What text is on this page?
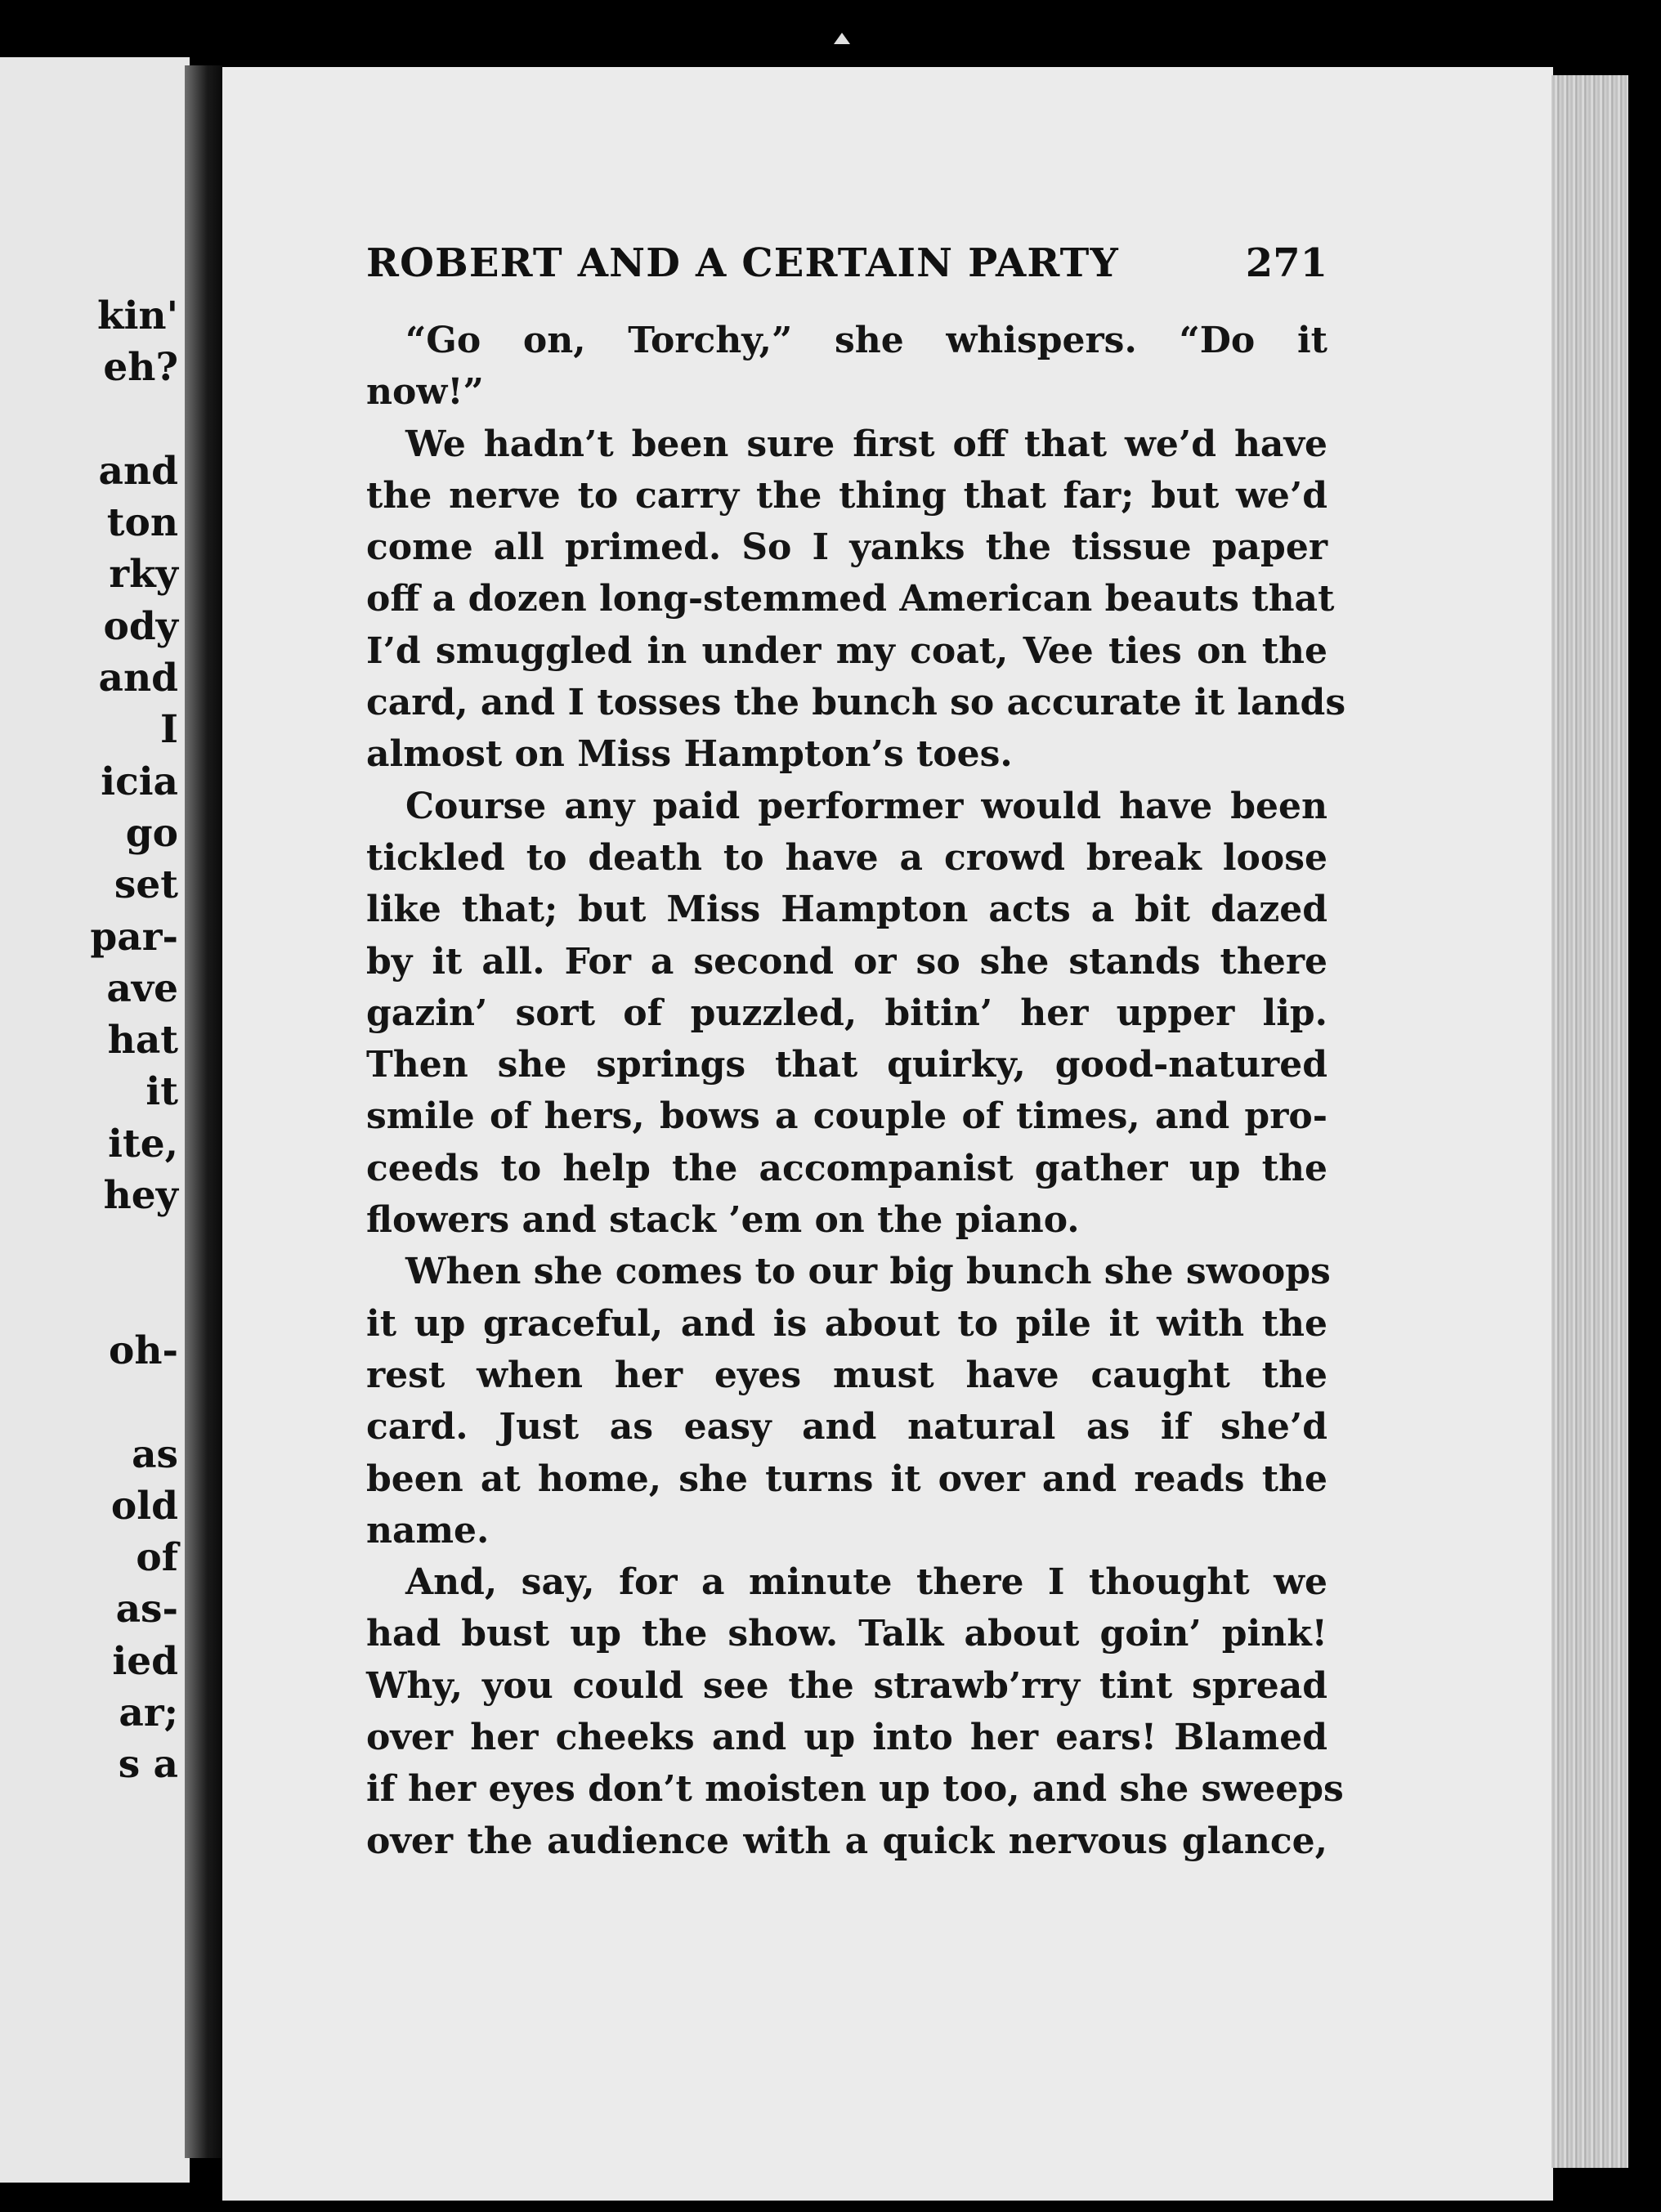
kin'
eh?
and
ton
rky
ody
and
I
icia
go
set
par-
ave
hat
it
ite,
hey
oh-
as
old
of
as-
ied
ar;
s a
ROBERT AND A CERTAIN PARTY	271
“Go on, Torchy,” she whispers. “Do it
now!”
We hadn’t been sure first off that we’d have
the nerve to carry the thing that far; but we’d
come all primed. So I yanks the tissue paper
off a dozen long-stemmed American beauts that
I’d smuggled in under my coat, Vee ties on the
card, and I tosses the bunch so accurate it lands
almost on Miss Hampton’s toes.
Course any paid performer would have been
tickled to death to have a crowd break loose
like that; but Miss Hampton acts a bit dazed
by it all. For a second or so she stands there
gazin’ sort of puzzled, bitin’ her upper lip.
Then she springs that quirky, good-natured
smile of hers, bows a couple of times, and pro-
ceeds to help the accompanist gather up the
flowers and stack ’em on the piano.
When she comes to our big bunch she swoops
it up graceful, and is about to pile it with the
rest when her eyes must have caught the
card. Just as easy and natural as if she’d
been at home, she turns it over and reads the
name.
And, say, for a minute there I thought we
had bust up the show. Talk about goin’ pink!
Why, you could see the strawb’rry tint spread
over her cheeks and up into her ears! Blamed
if her eyes don’t moisten up too, and she sweeps
over the audience with a quick nervous glance,
